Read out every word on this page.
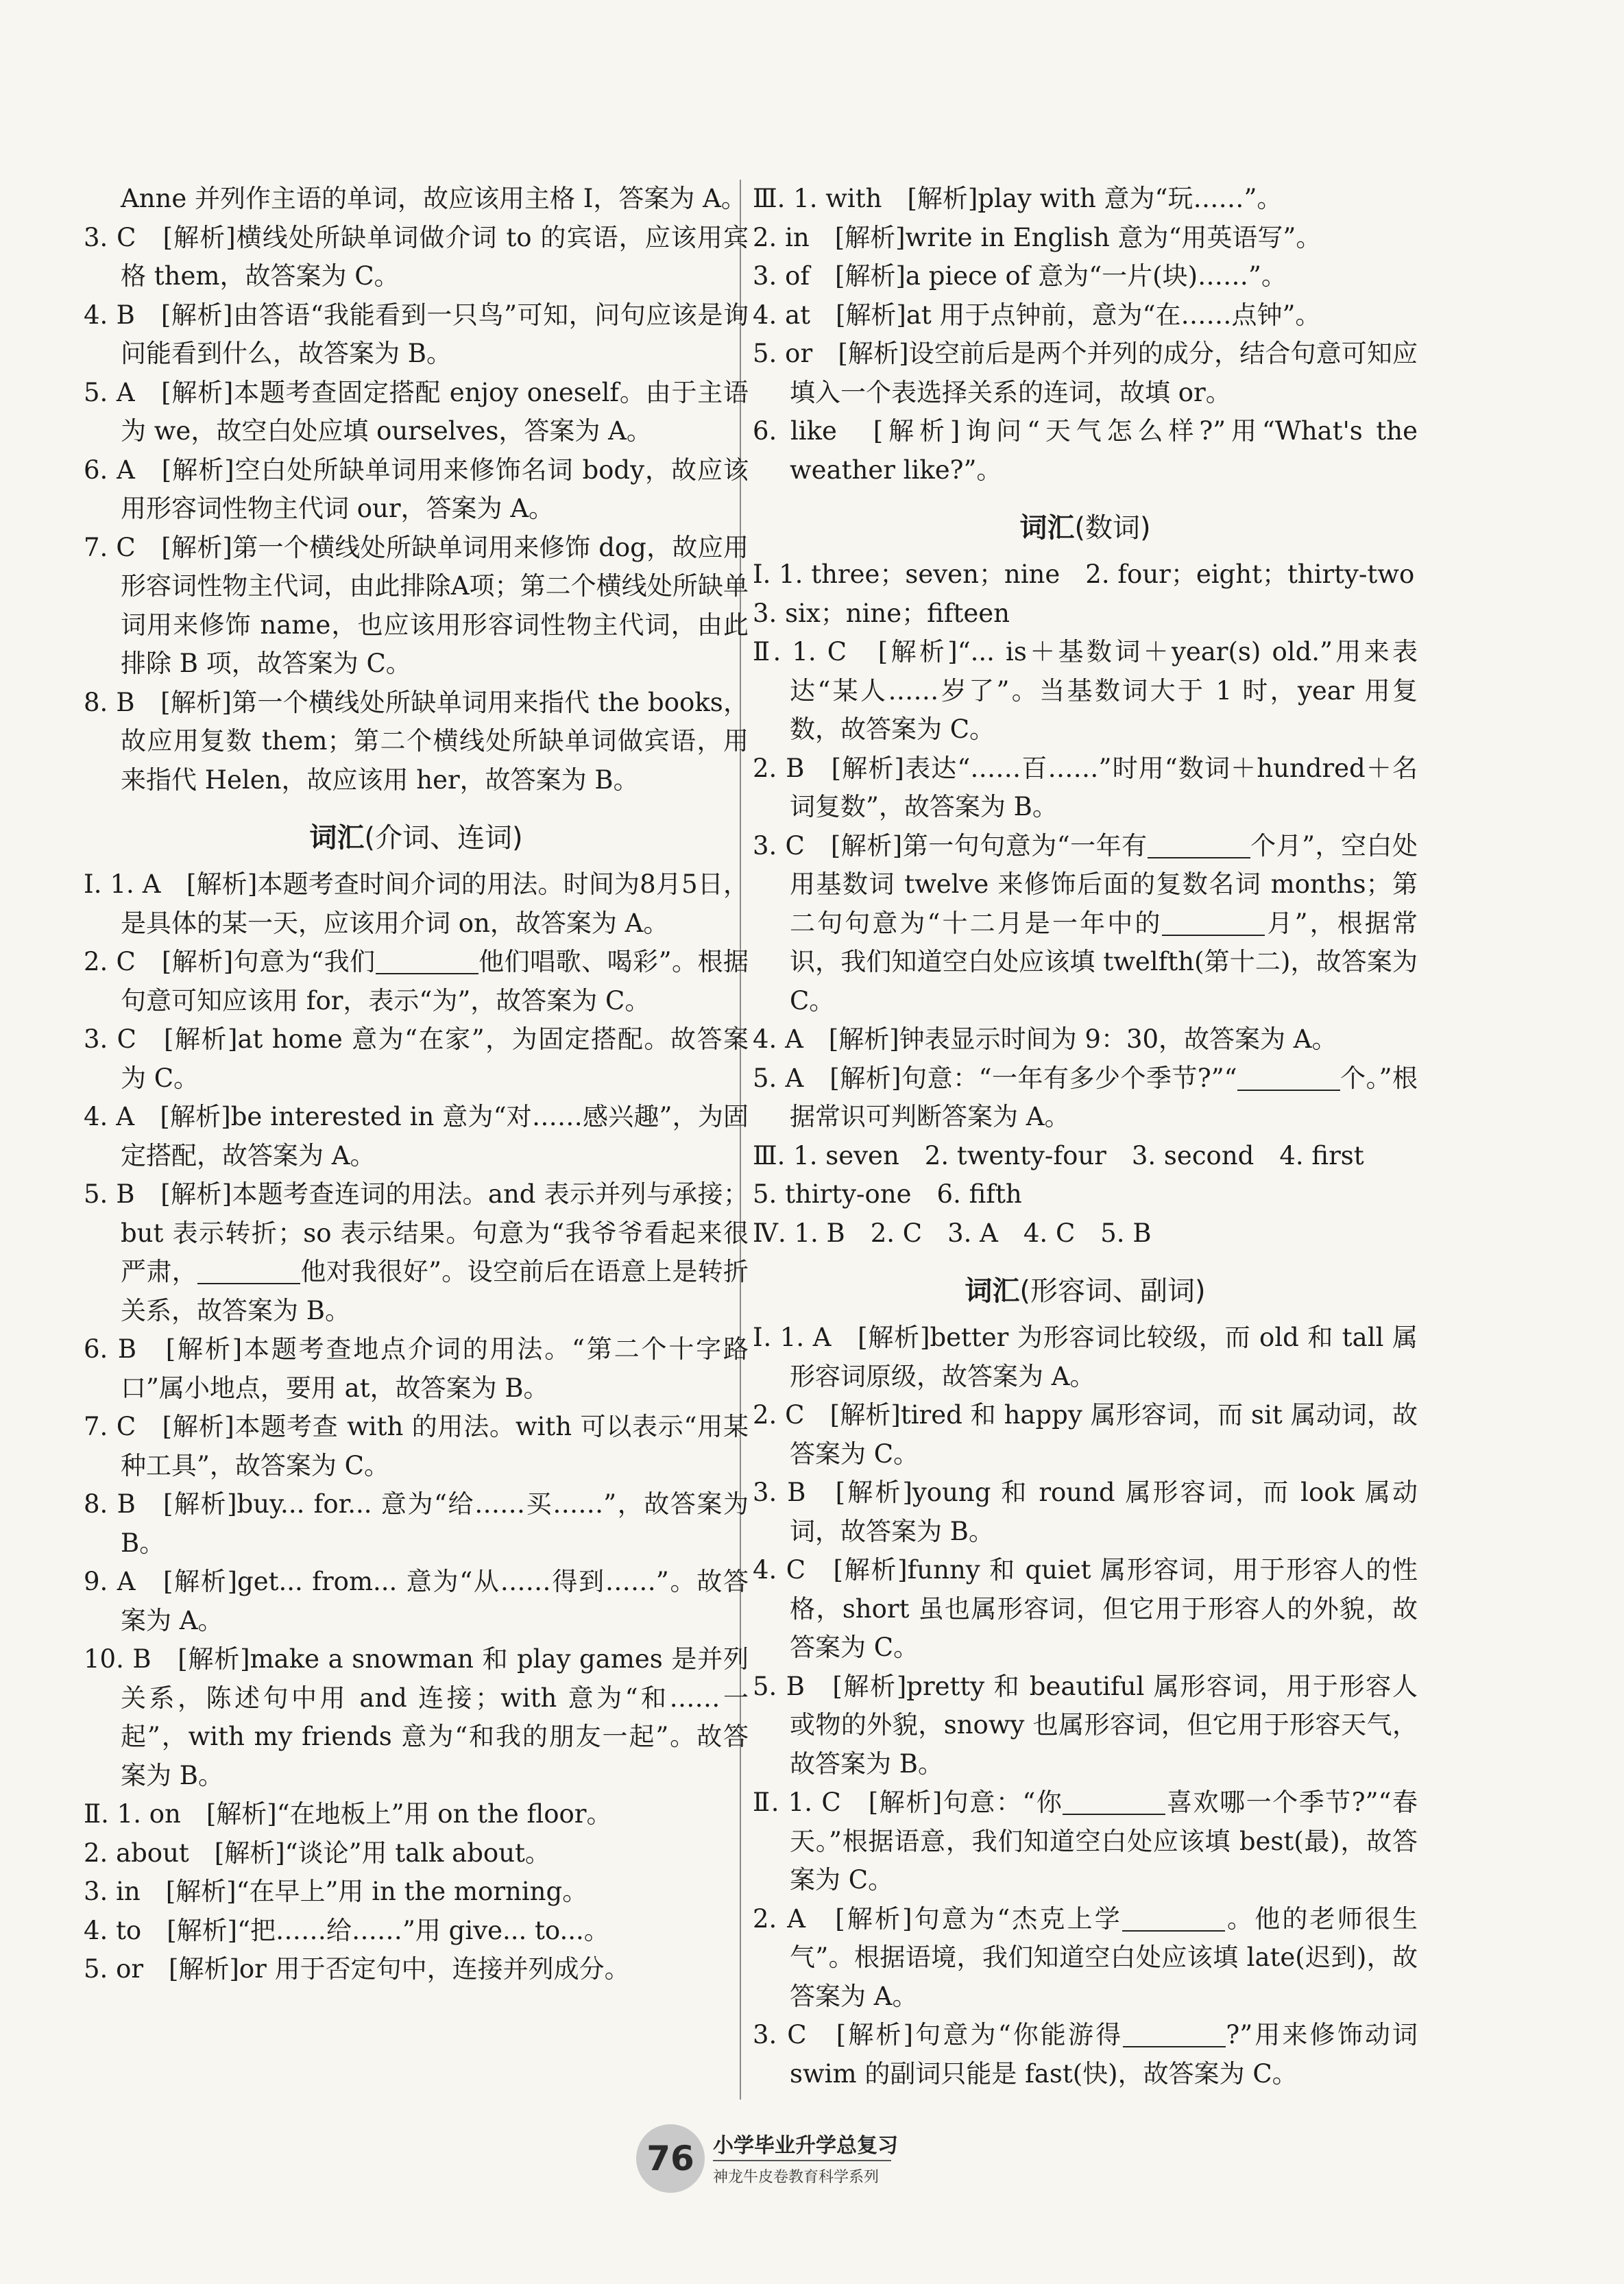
Anne 并列作主语的单词，故应该用主格 I，答案为 A。

3. C　[解析]横线处所缺单词做介词 to 的宾语，应该用宾格 them，故答案为 C。

4. B　[解析]由答语“我能看到一只鸟”可知，问句应该是询问能看到什么，故答案为 B。

5. A　[解析]本题考查固定搭配 enjoy oneself。由于主语为 we，故空白处应填 ourselves，答案为 A。

6. A　[解析]空白处所缺单词用来修饰名词 body，故应该用形容词性物主代词 our，答案为 A。

7. C　[解析]第一个横线处所缺单词用来修饰 dog，故应用形容词性物主代词，由此排除A项；第二个横线处所缺单词用来修饰 name，也应该用形容词性物主代词，由此排除 B 项，故答案为 C。

8. B　[解析]第一个横线处所缺单词用来指代 the books，故应用复数 them；第二个横线处所缺单词做宾语，用来指代 Helen，故应该用 her，故答案为 B。

词汇(介词、连词)

Ⅰ. 1. A　[解析]本题考查时间介词的用法。时间为8月5日，是具体的某一天，应该用介词 on，故答案为 A。

2. C　[解析]句意为“我们	他们唱歌、喝彩”。根据句意可知应该用 for，表示“为”，故答案为 C。

3. C　[解析]at home 意为“在家”，为固定搭配。故答案为 C。

4. A　[解析]be interested in 意为“对……感兴趣”，为固定搭配，故答案为 A。

5. B　[解析]本题考查连词的用法。and 表示并列与承接；but 表示转折；so 表示结果。句意为“我爷爷看起来很严肃，	他对我很好”。设空前后在语意上是转折关系，故答案为 B。

6. B　[解析]本题考查地点介词的用法。“第二个十字路口”属小地点，要用 at，故答案为 B。

7. C　[解析]本题考查 with 的用法。with 可以表示“用某种工具”，故答案为 C。

8. B　[解析]buy... for... 意为“给……买……”，故答案为 B。

9. A　[解析]get... from... 意为“从……得到……”。故答案为 A。

10. B　[解析]make a snowman 和 play games 是并列关系，陈述句中用 and 连接；with 意为“和……一起”，with my friends 意为“和我的朋友一起”。故答案为 B。

Ⅱ. 1. on　[解析]“在地板上”用 on the floor。

2. about　[解析]“谈论”用 talk about。

3. in　[解析]“在早上”用 in the morning。

4. to　[解析]“把……给……”用 give... to...。

5. or　[解析]or 用于否定句中，连接并列成分。

Ⅲ. 1. with　[解析]play with 意为“玩……”。

2. in　[解析]write in English 意为“用英语写”。

3. of　[解析]a piece of 意为“一片(块)……”。

4. at　[解析]at 用于点钟前，意为“在……点钟”。

5. or　[解析]设空前后是两个并列的成分，结合句意可知应填入一个表选择关系的连词，故填 or。

6. like　[解析]询问“天气怎么样?”用“What's the weather like?”。

词汇(数词)

Ⅰ. 1. three；seven；nine　2. four；eight；thirty-two

3. six；nine；fifteen

Ⅱ. 1. C　[解析]“... is＋基数词＋year(s) old.”用来表达“某人……岁了”。当基数词大于 1 时，year 用复数，故答案为 C。

2. B　[解析]表达“……百……”时用“数词＋hundred＋名词复数”，故答案为 B。

3. C　[解析]第一句句意为“一年有	个月”，空白处用基数词 twelve 来修饰后面的复数名词 months；第二句句意为“十二月是一年中的	月”，根据常识，我们知道空白处应该填 twelfth(第十二)，故答案为 C。

4. A　[解析]钟表显示时间为 9：30，故答案为 A。

5. A　[解析]句意：“一年有多少个季节?”“	个。”根据常识可判断答案为 A。

Ⅲ. 1. seven　2. twenty-four　3. second　4. first

5. thirty-one　6. fifth

Ⅳ. 1. B　2. C　3. A　4. C　5. B

词汇(形容词、副词)

Ⅰ. 1. A　[解析]better 为形容词比较级，而 old 和 tall 属形容词原级，故答案为 A。

2. C　[解析]tired 和 happy 属形容词，而 sit 属动词，故答案为 C。

3. B　[解析]young 和 round 属形容词，而 look 属动词，故答案为 B。

4. C　[解析]funny 和 quiet 属形容词，用于形容人的性格，short 虽也属形容词，但它用于形容人的外貌，故答案为 C。

5. B　[解析]pretty 和 beautiful 属形容词，用于形容人或物的外貌，snowy 也属形容词，但它用于形容天气，故答案为 B。

Ⅱ. 1. C　[解析]句意：“你	喜欢哪一个季节?”“春天。”根据语意，我们知道空白处应该填 best(最)，故答案为 C。

2. A　[解析]句意为“杰克上学	。他的老师很生气”。根据语境，我们知道空白处应该填 late(迟到)，故答案为 A。

3. C　[解析]句意为“你能游得	?”用来修饰动词 swim 的副词只能是 fast(快)，故答案为 C。

76 小学毕业升学总复习
神龙牛皮卷教育科学系列
